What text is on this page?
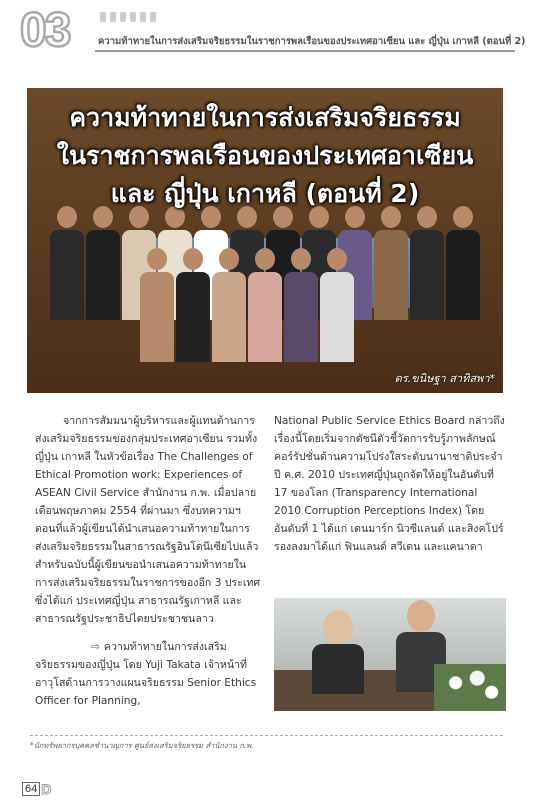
03	ความท้าทายในการส่งเสริมจริยธรรมในราชการพลเรือนของประเทศอาเซียน และ ญี่ปุ่น เกาหลี (ตอนที่ 2)
ความท้าทายในการส่งเสริมจริยธรรม
ในราชการพลเรือนของประเทศอาเซียน
และ ญี่ปุ่น เกาหลี (ตอนที่ 2)
ดร.ขนิษฐา สาทิสพา*

จากการสัมมนาผู้บริหารและผู้แทนด้านการส่งเสริมจริยธรรมของกลุ่มประเทศอาเซียน รวมทั้งญี่ปุ่น เกาหลี ในหัวข้อเรื่อง The Challenges of Ethical Promotion work: Experiences of ASEAN Civil Service สำนักงาน ก.พ. เมื่อปลายเดือนพฤษภาคม 2554 ที่ผ่านมา ซึ่งบทความฯตอนที่แล้วผู้เขียนได้นำเสนอความท้าทายในการส่งเสริมจริยธรรมในสาธารณรัฐอินโดนีเซียไปแล้ว สำหรับฉบับนี้ผู้เขียนขอนำเสนอความท้าทายในการส่งเสริมจริยธรรมในราชการของอีก 3 ประเทศ ซึ่งได้แก่ ประเทศญี่ปุ่น สาธารณรัฐเกาหลี และสาธารณรัฐประชาธิปไตยประชาชนลาว

⇨ ความท้าทายในการส่งเสริมจริยธรรมของญี่ปุ่น โดย Yuji Takata เจ้าหน้าที่อาวุโสด้านการวางแผนจริยธรรม Senior Ethics Officer for Planning,

National Public Service Ethics Board กล่าวถึงเรื่องนี้โดยเริ่มจากดัชนีตัวชี้วัดการรับรู้ภาพลักษณ์คอร์รัปชั่นด้านความโปร่งใสระดับนานาชาติประจำปี ค.ศ. 2010 ประเทศญี่ปุ่นถูกจัดให้อยู่ในอันดับที่ 17 ของโลก (Transparency International 2010 Corruption Perceptions Index) โดยอันดับที่ 1 ได้แก่ เดนมาร์ก นิวซีแลนด์ และสิงคโปร์ รองลงมาได้แก่ ฟินแลนด์ สวีเดน และแคนาดา

*นักทรัพยากรบุคคลชำนาญการ ศูนย์ส่งเสริมจริยธรรม สำนักงาน ก.พ.
64 D
